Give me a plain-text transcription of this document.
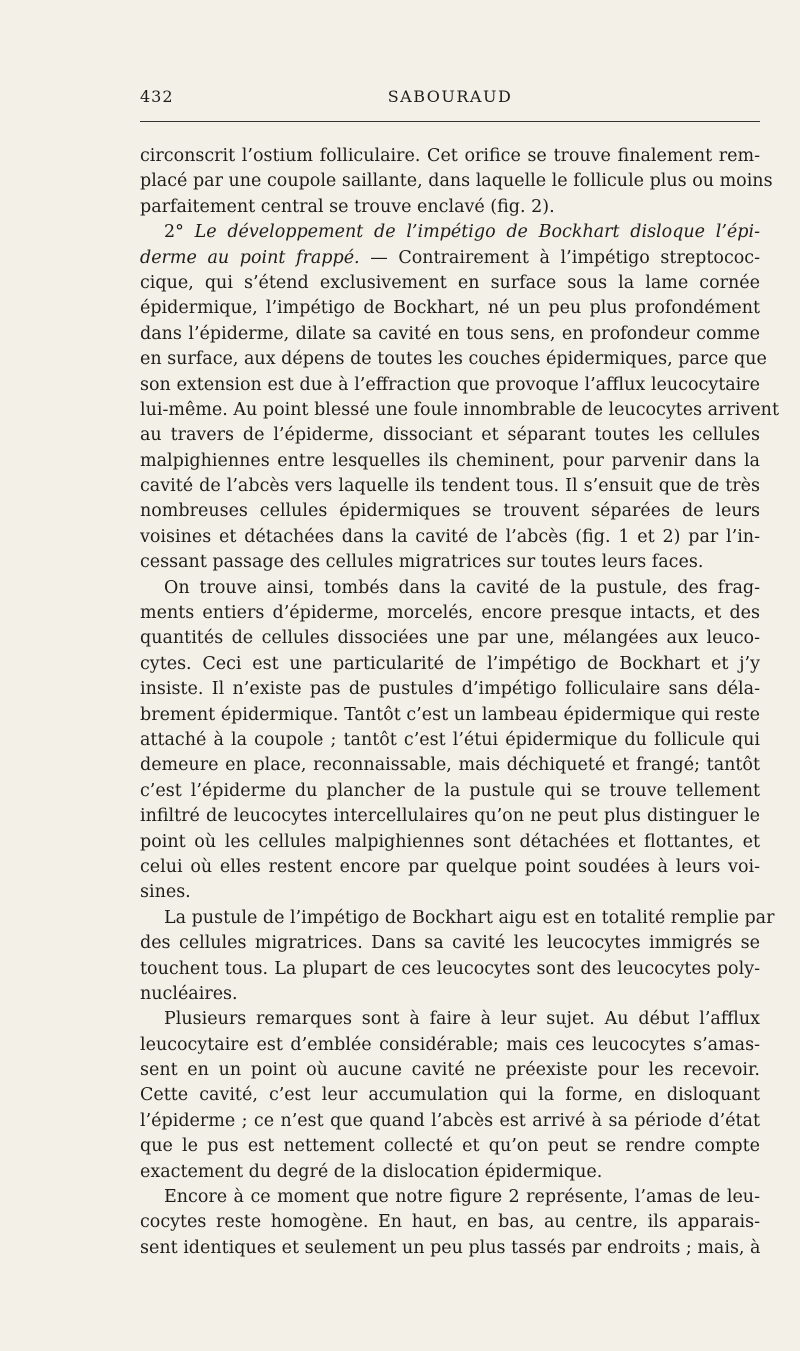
432	SABOURAUD
circonscrit l’ostium folliculaire. Cet orifice se trouve finalement rem-
placé par une coupole saillante, dans laquelle le follicule plus ou moins
parfaitement central se trouve enclavé (fig. 2).
2° Le développement de l’impétigo de Bockhart disloque l’épi-
derme au point frappé. — Contrairement à l’impétigo streptococ-
cique, qui s’étend exclusivement en surface sous la lame cornée
épidermique, l’impétigo de Bockhart, né un peu plus profondément
dans l’épiderme, dilate sa cavité en tous sens, en profondeur comme
en surface, aux dépens de toutes les couches épidermiques, parce que
son extension est due à l’effraction que provoque l’afflux leucocytaire
lui-même. Au point blessé une foule innombrable de leucocytes arrivent
au travers de l’épiderme, dissociant et séparant toutes les cellules
malpighiennes entre lesquelles ils cheminent, pour parvenir dans la
cavité de l’abcès vers laquelle ils tendent tous. Il s’ensuit que de très
nombreuses cellules épidermiques se trouvent séparées de leurs
voisines et détachées dans la cavité de l’abcès (fig. 1 et 2) par l’in-
cessant passage des cellules migratrices sur toutes leurs faces.
On trouve ainsi, tombés dans la cavité de la pustule, des frag-
ments entiers d’épiderme, morcelés, encore presque intacts, et des
quantités de cellules dissociées une par une, mélangées aux leuco-
cytes. Ceci est une particularité de l’impétigo de Bockhart et j’y
insiste. Il n’existe pas de pustules d’impétigo folliculaire sans déla-
brement épidermique. Tantôt c’est un lambeau épidermique qui reste
attaché à la coupole ; tantôt c’est l’étui épidermique du follicule qui
demeure en place, reconnaissable, mais déchiqueté et frangé; tantôt
c’est l’épiderme du plancher de la pustule qui se trouve tellement
infiltré de leucocytes intercellulaires qu’on ne peut plus distinguer le
point où les cellules malpighiennes sont détachées et flottantes, et
celui où elles restent encore par quelque point soudées à leurs voi-
sines.
La pustule de l’impétigo de Bockhart aigu est en totalité remplie par
des cellules migratrices. Dans sa cavité les leucocytes immigrés se
touchent tous. La plupart de ces leucocytes sont des leucocytes poly-
nucléaires.
Plusieurs remarques sont à faire à leur sujet. Au début l’afflux
leucocytaire est d’emblée considérable; mais ces leucocytes s’amas-
sent en un point où aucune cavité ne préexiste pour les recevoir.
Cette cavité, c’est leur accumulation qui la forme, en disloquant
l’épiderme ; ce n’est que quand l’abcès est arrivé à sa période d’état
que le pus est nettement collecté et qu’on peut se rendre compte
exactement du degré de la dislocation épidermique.
Encore à ce moment que notre figure 2 représente, l’amas de leu-
cocytes reste homogène. En haut, en bas, au centre, ils apparais-
sent identiques et seulement un peu plus tassés par endroits ; mais, à
